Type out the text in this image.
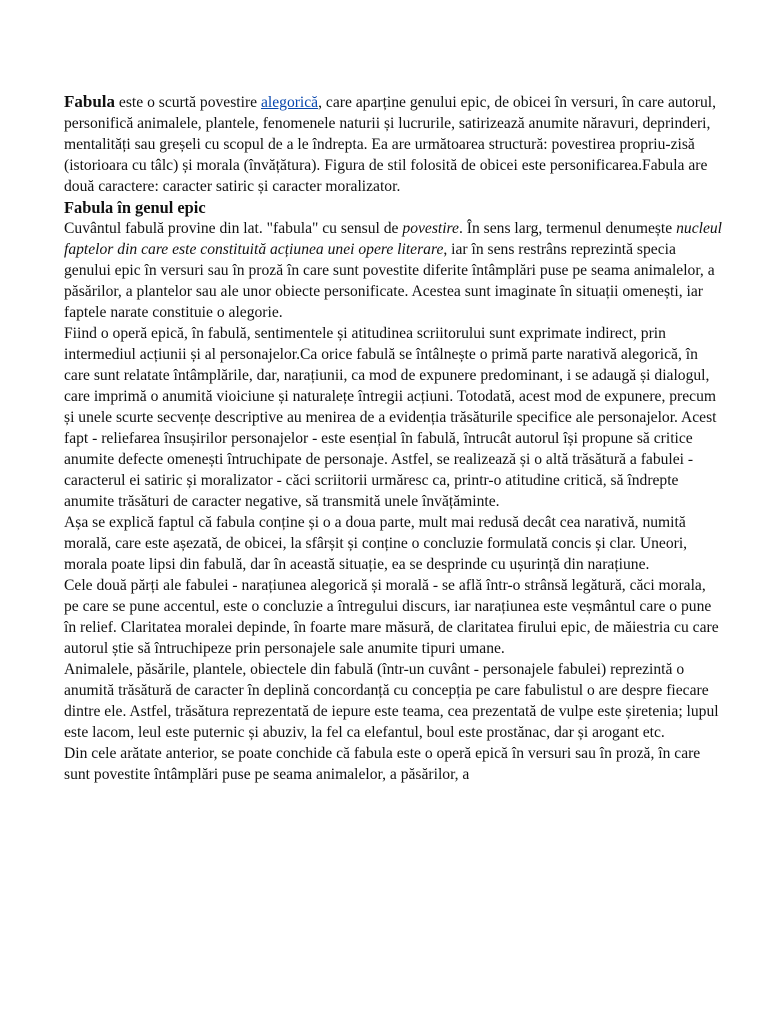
Fabula este o scurtă povestire alegorică, care aparține genului epic, de obicei în versuri, în care autorul, personifică animalele, plantele, fenomenele naturii și lucrurile, satirizează anumite năravuri, deprinderi, mentalități sau greșeli cu scopul de a le îndrepta. Ea are următoarea structură: povestirea propriu-zisă (istorioara cu tâlc) și morala (învățătura). Figura de stil folosită de obicei este personificarea.Fabula are două caractere: caracter satiric și caracter moralizator.

Fabula în genul epic

Cuvântul fabulă provine din lat. "fabula" cu sensul de povestire. În sens larg, termenul denumește nucleul faptelor din care este constituită acțiunea unei opere literare, iar în sens restrâns reprezintă specia genului epic în versuri sau în proză în care sunt povestite diferite întâmplări puse pe seama animalelor, a păsărilor, a plantelor sau ale unor obiecte personificate. Acestea sunt imaginate în situații omenești, iar faptele narate constituie o alegorie.

Fiind o operă epică, în fabulă, sentimentele și atitudinea scriitorului sunt exprimate indirect, prin intermediul acțiunii și al personajelor.Ca orice fabulă se întâlnește o primă parte narativă alegorică, în care sunt relatate întâmplările, dar, narațiunii, ca mod de expunere predominant, i se adaugă și dialogul, care imprimă o anumită vioiciune și naturalețe întregii acțiuni. Totodată, acest mod de expunere, precum și unele scurte secvențe descriptive au menirea de a evidenția trăsăturile specifice ale personajelor. Acest fapt - reliefarea însușirilor personajelor - este esențial în fabulă, întrucât autorul își propune să critice anumite defecte omenești întruchipate de personaje. Astfel, se realizează și o altă trăsătură a fabulei - caracterul ei satiric și moralizator - căci scriitorii urmăresc ca, printr-o atitudine critică, să îndrepte anumite trăsături de caracter negative, să transmită unele învățăminte.

Așa se explică faptul că fabula conține și o a doua parte, mult mai redusă decât cea narativă, numită morală, care este așezată, de obicei, la sfârșit și conține o concluzie formulată concis și clar. Uneori, morala poate lipsi din fabulă, dar în această situație, ea se desprinde cu ușurință din narațiune.

Cele două părți ale fabulei - narațiunea alegorică și morală - se află într-o strânsă legătură, căci morala, pe care se pune accentul, este o concluzie a întregului discurs, iar narațiunea este veșmântul care o pune în relief. Claritatea moralei depinde, în foarte mare măsură, de claritatea firului epic, de măiestria cu care autorul știe să întruchipeze prin personajele sale anumite tipuri umane.

Animalele, păsările, plantele, obiectele din fabulă (într-un cuvânt - personajele fabulei) reprezintă o anumită trăsătură de caracter în deplină concordanță cu concepția pe care fabulistul o are despre fiecare dintre ele. Astfel, trăsătura reprezentată de iepure este teama, cea prezentată de vulpe este șiretenia; lupul este lacom, leul este puternic și abuziv, la fel ca elefantul, boul este prostănac, dar și arogant etc.

Din cele arătate anterior, se poate conchide că fabula este o operă epică în versuri sau în proză, în care sunt povestite întâmplări puse pe seama animalelor, a păsărilor, a
